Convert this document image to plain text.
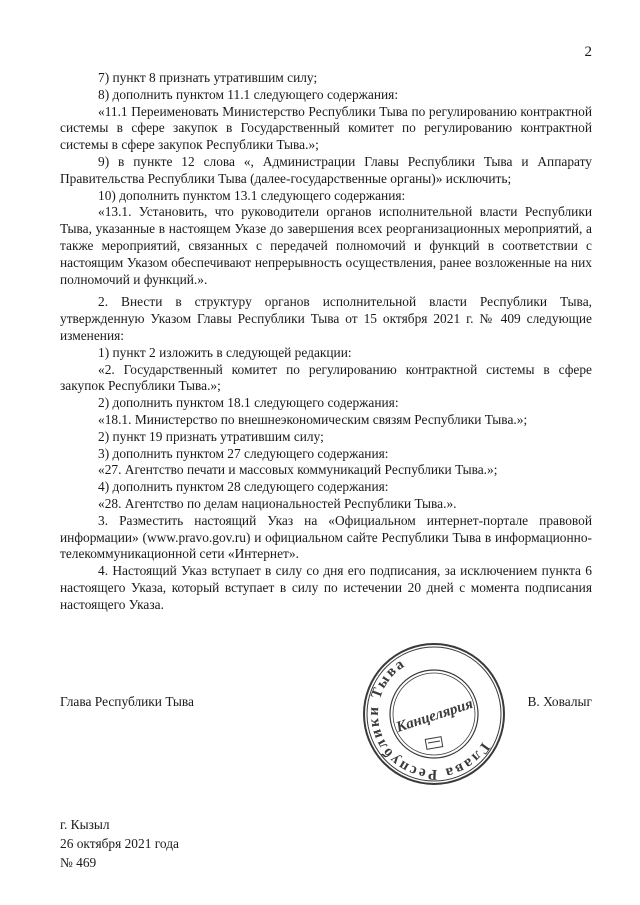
2

7) пункт 8 признать утратившим силу;

8) дополнить пунктом 11.1 следующего содержания:

«11.1 Переименовать Министерство Республики Тыва по регулированию контрактной системы в сфере закупок в Государственный комитет по регулированию контрактной системы в сфере закупок Республики Тыва.»;

9) в пункте 12 слова «, Администрации Главы Республики Тыва и Аппарату Правительства Республики Тыва (далее-государственные органы)» исключить;

10) дополнить пунктом 13.1 следующего содержания:

«13.1. Установить, что руководители органов исполнительной власти Республики Тыва, указанные в настоящем Указе до завершения всех реорганизационных мероприятий, а также мероприятий, связанных с передачей полномочий и функций в соответствии с настоящим Указом обеспечивают непрерывность осуществления, ранее возложенные на них полномочий и функций.».

2. Внести в структуру органов исполнительной власти Республики Тыва, утвержденную Указом Главы Республики Тыва от 15 октября 2021 г. № 409 следующие изменения:

1) пункт 2 изложить в следующей редакции:

«2. Государственный комитет по регулированию контрактной системы в сфере закупок Республики Тыва.»;

2) дополнить пунктом 18.1 следующего содержания:

«18.1. Министерство по внешнеэкономическим связям Республики Тыва.»;

2) пункт 19 признать утратившим силу;

3) дополнить пунктом 27 следующего содержания:

«27. Агентство печати и массовых коммуникаций Республики Тыва.»;

4) дополнить пунктом 28 следующего содержания:

«28. Агентство по делам национальностей Республики Тыва.».

3. Разместить настоящий Указ на «Официальном интернет-портале правовой информации» (www.pravo.gov.ru) и официальном сайте Республики Тыва в информационно-телекоммуникационной сети «Интернет».

4. Настоящий Указ вступает в силу со дня его подписания, за исключением пункта 6 настоящего Указа, который вступает в силу по истечении 20 дней с момента подписания настоящего Указа.

Глава Республики Тыва	В. Ховалыг
Глава Республики Тыва
Канцелярия
г. Кызыл
26 октября 2021 года
№ 469
